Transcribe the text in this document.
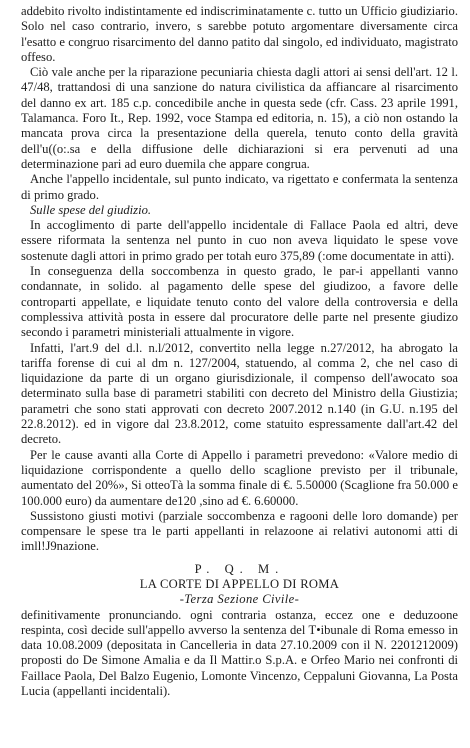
addebito rivolto indistintamente ed indiscriminatamente c. tutto un Ufficio giudiziario. Solo nel caso contrario, invero, s sarebbe potuto argomentare diversamente circa l'esatto e congruo risarcimento del danno patito dal singolo, ed individuato, magistrato offeso.

Ciò vale anche per la riparazione pecuniaria chiesta dagli attori ai sensi dell'art. 12 l. 47/48, trattandosi di una sanzione do natura civilistica da affiancare al risarcimento del danno ex art. 185 c.p. concedibile anche in questa sede (cfr. Cass. 23 aprile 1991, Talamanca. Foro It., Rep. 1992, voce Stampa ed editoria, n. 15), a ciò non ostando la mancata prova circa la presentazione della querela, tenuto conto della gravità dell'u((o:.sa e della diffusione delle dichiarazioni si era pervenuti ad una determinazione pari ad euro duemila che appare congrua.

Anche l'appello incidentale, sul punto indicato, va rigettato e confermata la sentenza di primo grado.

Sulle spese del giudizio.

In accoglimento di parte dell'appello incidentale di Fallace Paola ed altri, deve essere riformata la sentenza nel punto in cuo non aveva liquidato le spese vove sostenute dagli attori in primo grado per totah euro 375,89 (:ome documentate in atti).

In conseguenza della soccombenza in questo grado, le par-i appellanti vanno condannate, in solido. al pagamento delle spese del giudizoo, a favore delle controparti appellate, e liquidate tenuto conto del valore della controversia e della complessiva attività posta in essere dal procuratore delle parte nel presente giudizo secondo i parametri ministeriali attualmente in vigore.

Infatti, l'art.9 del d.l. n.l/2012, convertito nella legge n.27/2012, ha abrogato la tariffa forense di cui al dm n. 127/2004, statuendo, al comma 2, che nel caso di liquidazione da parte di un organo giurisdizionale, il compenso dell'awocato soa determinato sulla base di parametri stabiliti con decreto del Ministro della Giustizia; parametri che sono stati approvati con decreto 2007.2012 n.140 (in G.U. n.195 del 22.8.2012). ed in vigore dal 23.8.2012, come statuito espressamente dall'art.42 del decreto.

Per le cause avanti alla Corte di Appello i parametri prevedono: «Valore medio di liquidazione corrispondente a quello dello scaglione previsto per il tribunale, aumentato del 20%», Si otteoTà la somma finale di €. 5.50000 (Scaglione fra 50.000 e 100.000 euro) da aumentare de120 ,sino ad €. 6.60000.

Sussistono giusti motivi (parziale soccombenza e ragooni delle loro domande) per compensare le spese tra le parti appellanti in relazoone ai relativi autonomi atti di imll!J9nazione.

P. Q. M.

LA CORTE DI APPELLO DI ROMA

-Terza Sezione Civile-

definitivamente pronunciando. ogni contraria ostanza, eccez one e deduzoone respinta, così decide sull'appello avverso la sentenza del T•ibunale di Roma emesso in data 10.08.2009 (depositata in Cancelleria in data 27.10.2009 con il N. 2201212009) proposti do De Simone Amalia e da Il Mattir.o S.p.A. e Orfeo Mario nei confronti di Faillace Paola, Del Balzo Eugenio, Lomonte Vincenzo, Ceppaluni Giovanna, La Posta Lucia (appellanti incidentali).
